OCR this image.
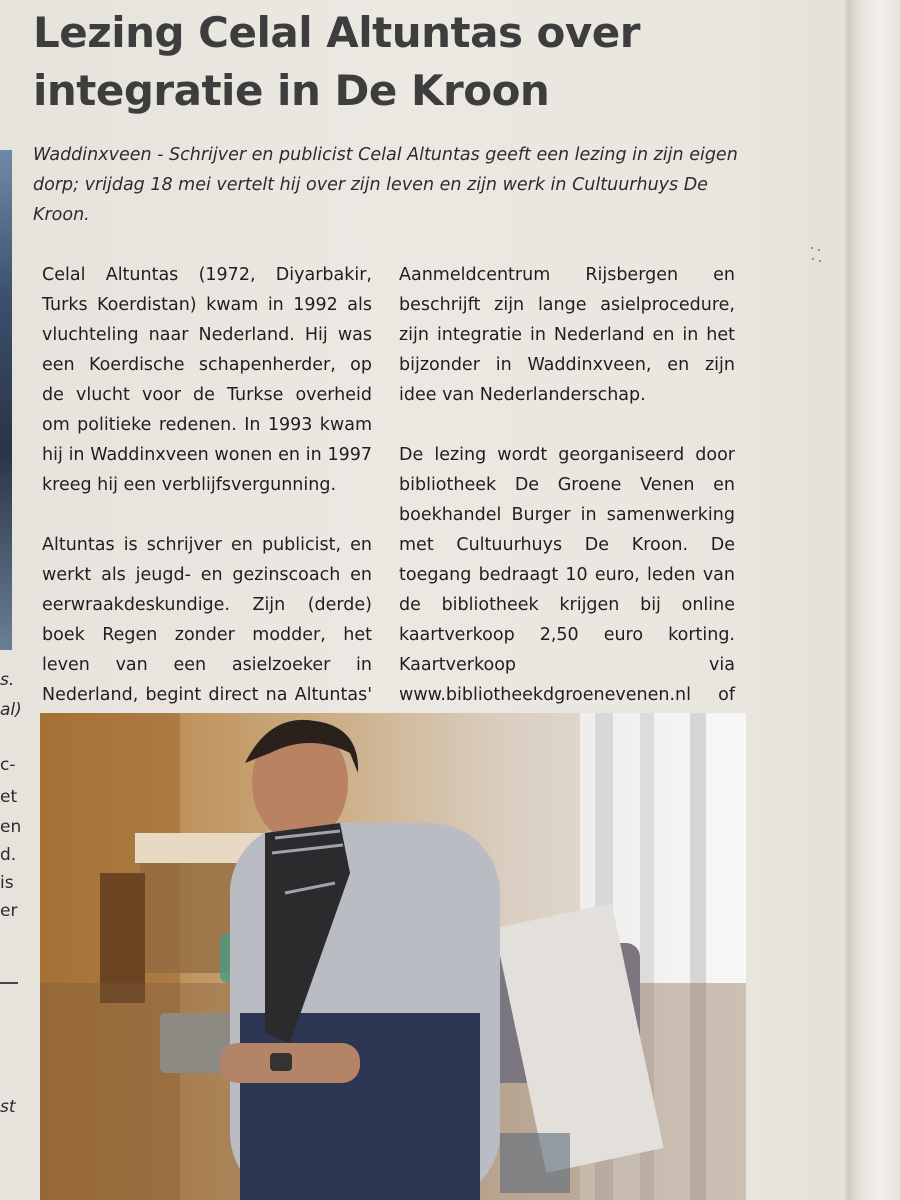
s.
al)
c-
et
en
d.
is
er
st
Lezing Celal Altuntas over integratie in De Kroon

Waddinxveen - Schrijver en publicist Celal Altuntas geeft een lezing in zijn eigen dorp; vrijdag 18 mei vertelt hij over zijn leven en zijn werk in Cultuurhuys De Kroon.

Celal Altuntas (1972, Diyarbakir, Turks Koerdistan) kwam in 1992 als vluchteling naar Nederland. Hij was een Koerdische schapenherder, op de vlucht voor de Turkse overheid om politieke redenen. In 1993 kwam hij in Waddinxveen wonen en in 1997 kreeg hij een verblijfsvergunning.

Altuntas is schrijver en publicist, en werkt als jeugd- en gezinscoach en eerwraakdeskundige. Zijn (derde) boek Regen zonder modder, het leven van een asielzoeker in Nederland, begint direct na Altuntas'

Aanmeldcentrum Rijsbergen en beschrijft zijn lange asielprocedure, zijn integratie in Nederland en in het bijzonder in Waddinxveen, en zijn idee van Nederlanderschap.

De lezing wordt georganiseerd door bibliotheek De Groene Venen en boekhandel Burger in samenwerking met Cultuurhuys De Kroon. De toegang bedraagt 10 euro, leden van de bibliotheek krijgen bij online kaartverkoop 2,50 euro korting. Kaartverkoop via www.bibliotheekdgroenevenen.nl of
